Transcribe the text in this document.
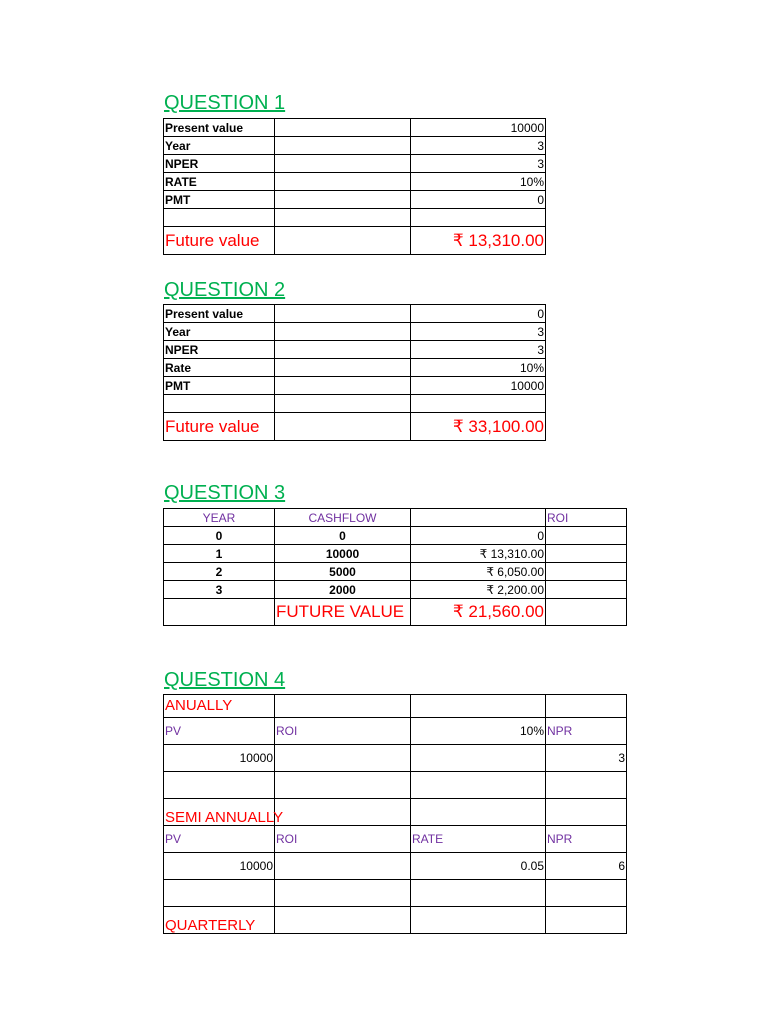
QUESTION 1
Present value		10000
Year		3
NPER		3
RATE		10%
PMT		0

Future value		₹ 13,310.00
QUESTION 2
Present value		0
Year		3
NPER		3
Rate		10%
PMT		10000

Future value		₹ 33,100.00
QUESTION 3
YEAR	CASHFLOW		ROI
0	0	0	
1	10000	₹ 13,310.00	
2	5000	₹ 6,050.00	
3	2000	₹ 2,200.00	
	FUTURE VALUE	₹ 21,560.00	
QUESTION 4
ANUALLY			
PV	ROI	10%	NPR
10000			3

SEMI ANNUALLY			
PV	ROI	RATE	NPR
10000		0.05	6

QUARTERLY			
